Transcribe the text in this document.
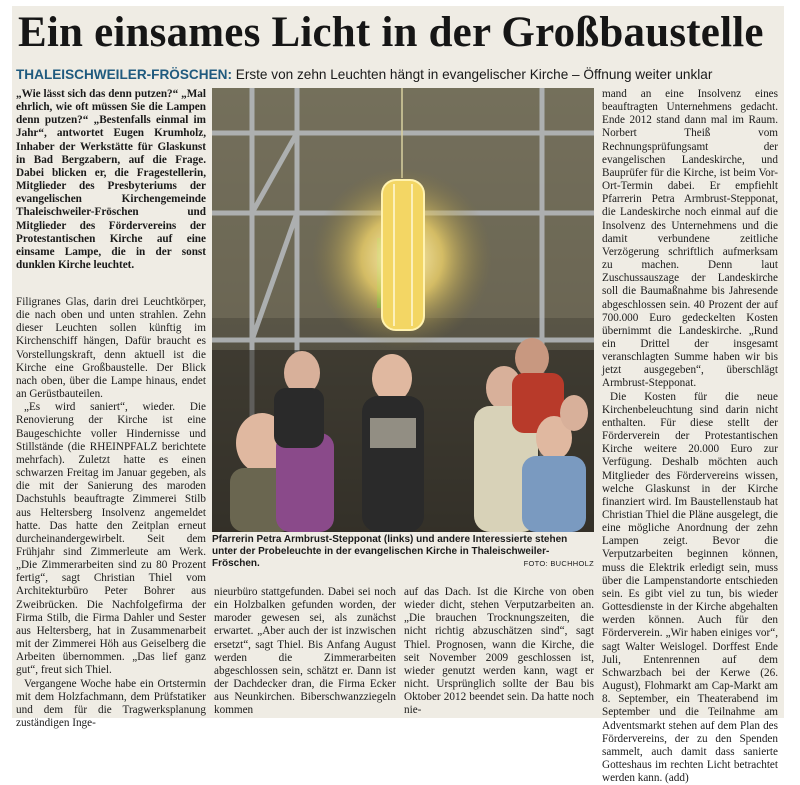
Ein einsames Licht in der Großbaustelle
THALEISCHWEILER-FRÖSCHEN: Erste von zehn Leuchten hängt in evangelischer Kirche – Öffnung weiter unklar

„Wie lässt sich das denn putzen?“ „Mal ehrlich, wie oft müssen Sie die Lampen denn putzen?“ „Bestenfalls einmal im Jahr“, antwortet Eugen Krumholz, Inhaber der Werkstätte für Glaskunst in Bad Bergzabern, auf die Frage. Dabei blicken er, die Fragestellerin, Mitglieder des Presbyteriums der evangelischen Kirchengemeinde Thaleischweiler-Fröschen und Mitglieder des Fördervereins der Protestantischen Kirche auf eine einsame Lampe, die in der sonst dunklen Kirche leuchtet.

Filigranes Glas, darin drei Leuchtkörper, die nach oben und unten strahlen. Zehn dieser Leuchten sollen künftig im Kirchenschiff hängen, Dafür braucht es Vorstellungskraft, denn aktuell ist die Kirche eine Großbaustelle. Der Blick nach oben, über die Lampe hinaus, endet an Gerüstbauteilen.

„Es wird saniert“, wieder. Die Renovierung der Kirche ist eine Baugeschichte voller Hindernisse und Stillstände (die RHEINPFALZ berichtete mehrfach). Zuletzt hatte es einen schwarzen Freitag im Januar gegeben, als die mit der Sanierung des maroden Dachstuhls beauftragte Zimmerei Stilb aus Heltersberg Insolvenz angemeldet hatte. Das hatte den Zeitplan erneut durcheinandergewirbelt. Seit dem Frühjahr sind Zimmerleute am Werk. „Die Zimmerarbeiten sind zu 80 Prozent fertig“, sagt Christian Thiel vom Architekturbüro Peter Bohrer aus Zweibrücken. Die Nachfolgefirma der Firma Stilb, die Firma Dahler und Sester aus Heltersberg, hat in Zusammenarbeit mit der Zimmerei Höh aus Geiselberg die Arbeiten übernommen. „Das lief ganz gut“, freut sich Thiel.

Vergangene Woche habe ein Ortstermin mit dem Holzfachmann, dem Prüfstatiker und dem für die Tragwerksplanung zuständigen Inge-

Pfarrerin Petra Armbrust-Stepponat (links) und andere Interessierte stehen unter der Probeleuchte in der evangelischen Kirche in Thaleischweiler-Fröschen.	FOTO: BUCHHOLZ

nieurbüro stattgefunden. Dabei sei noch ein Holzbalken gefunden worden, der maroder gewesen sei, als zunächst erwartet. „Aber auch der ist inzwischen ersetzt“, sagt Thiel. Bis Anfang August werden die Zimmerarbeiten abgeschlossen sein, schätzt er. Dann ist der Dachdecker dran, die Firma Ecker aus Neunkirchen. Biberschwanzziegeln kommen

auf das Dach. Ist die Kirche von oben wieder dicht, stehen Verputzarbeiten an. „Die brauchen Trocknungszeiten, die nicht richtig abzuschätzen sind“, sagt Thiel. Prognosen, wann die Kirche, die seit November 2009 geschlossen ist, wieder genutzt werden kann, wagt er nicht. Ursprünglich sollte der Bau bis Oktober 2012 beendet sein. Da hatte noch nie-

mand an eine Insolvenz eines beauftragten Unternehmens gedacht. Ende 2012 stand dann mal im Raum. Norbert Theiß vom Rechnungsprüfungsamt der evangelischen Landeskirche, und Bauprüfer für die Kirche, ist beim Vor-Ort-Termin dabei. Er empfiehlt Pfarrerin Petra Armbrust-Stepponat, die Landeskirche noch einmal auf die Insolvenz des Unternehmens und die damit verbundene zeitliche Verzögerung schriftlich aufmerksam zu machen. Denn laut Zuschussauszage der Landeskirche soll die Baumaßnahme bis Jahresende abgeschlossen sein. 40 Prozent der auf 700.000 Euro gedeckelten Kosten übernimmt die Landeskirche. „Rund ein Drittel der insgesamt veranschlagten Summe haben wir bis jetzt ausgegeben“, überschlägt Armbrust-Stepponat.

Die Kosten für die neue Kirchenbeleuchtung sind darin nicht enthalten. Für diese stellt der Förderverein der Protestantischen Kirche weitere 20.000 Euro zur Verfügung. Deshalb möchten auch Mitglieder des Fördervereins wissen, welche Glaskunst in der Kirche finanziert wird. Im Baustellenstaub hat Christian Thiel die Pläne ausgelegt, die eine mögliche Anordnung der zehn Lampen zeigt. Bevor die Verputzarbeiten beginnen können, muss die Elektrik erledigt sein, muss über die Lampenstandorte entschieden sein. Es gibt viel zu tun, bis wieder Gottesdienste in der Kirche abgehalten werden können. Auch für den Förderverein. „Wir haben einiges vor“, sagt Walter Weislogel. Dorffest Ende Juli, Entenrennen auf dem Schwarzbach bei der Kerwe (26. August), Flohmarkt am Cap-Markt am 8. September, ein Theaterabend im September und die Teilnahme am Adventsmarkt stehen auf dem Plan des Fördervereins, der zu den Spenden sammelt, auch damit dass sanierte Gotteshaus im rechten Licht betrachtet werden kann. (add)
